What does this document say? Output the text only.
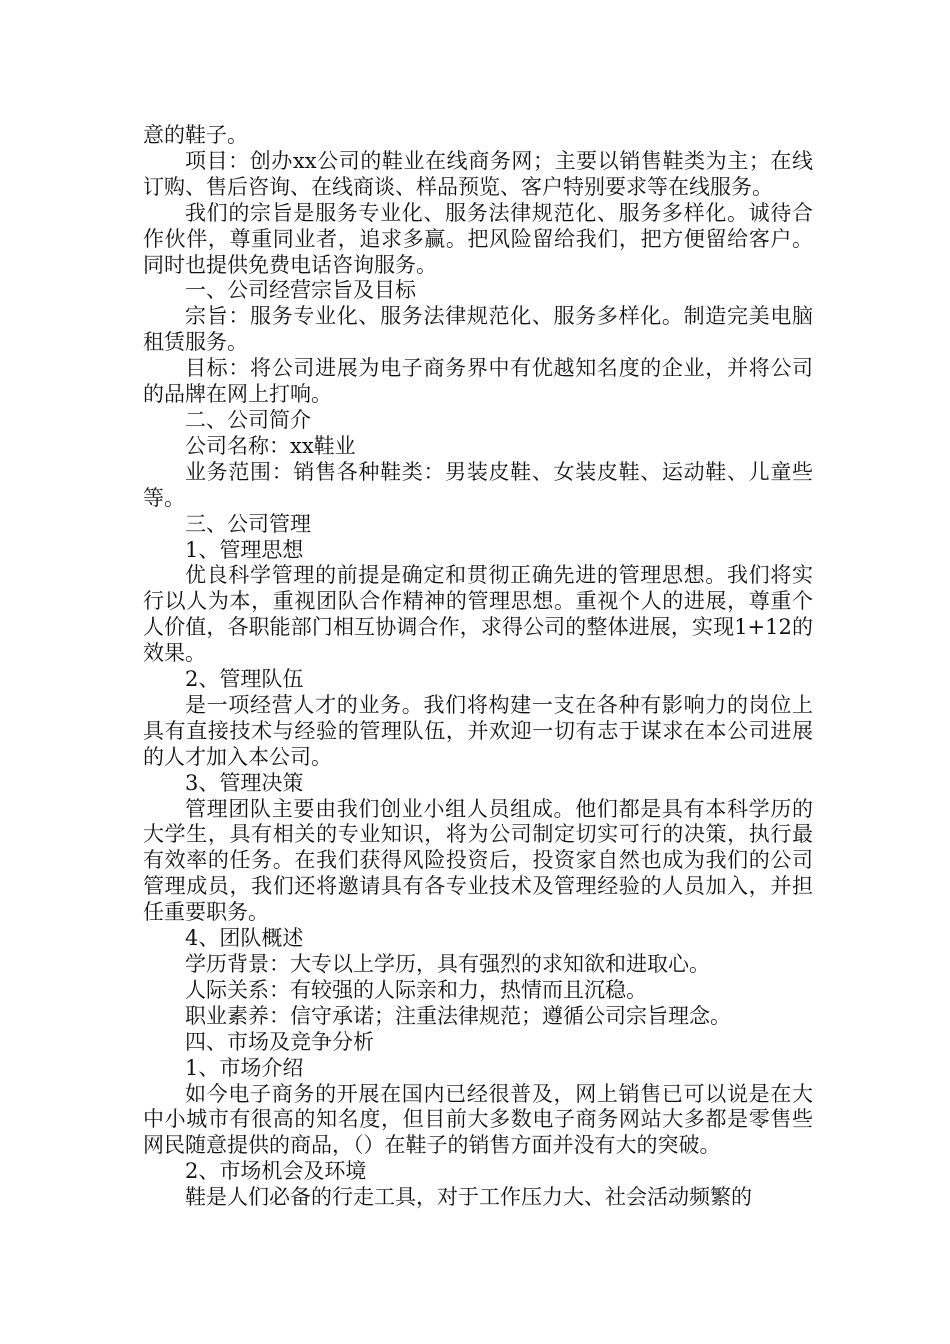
意的鞋子。

项目：创办xx公司的鞋业在线商务网；主要以销售鞋类为主；在线订购、售后咨询、在线商谈、样品预览、客户特别要求等在线服务。

我们的宗旨是服务专业化、服务法律规范化、服务多样化。诚待合作伙伴，尊重同业者，追求多赢。把风险留给我们，把方便留给客户。同时也提供免费电话咨询服务。

一、公司经营宗旨及目标

宗旨：服务专业化、服务法律规范化、服务多样化。制造完美电脑租赁服务。

目标：将公司进展为电子商务界中有优越知名度的企业，并将公司的品牌在网上打响。

二、公司简介

公司名称：xx鞋业

业务范围：销售各种鞋类：男装皮鞋、女装皮鞋、运动鞋、儿童些等。

三、公司管理

1、管理思想

优良科学管理的前提是确定和贯彻正确先进的管理思想。我们将实行以人为本，重视团队合作精神的管理思想。重视个人的进展，尊重个人价值，各职能部门相互协调合作，求得公司的整体进展，实现1+12的效果。

2、管理队伍

是一项经营人才的业务。我们将构建一支在各种有影响力的岗位上具有直接技术与经验的管理队伍，并欢迎一切有志于谋求在本公司进展的人才加入本公司。

3、管理决策

管理团队主要由我们创业小组人员组成。他们都是具有本科学历的大学生，具有相关的专业知识，将为公司制定切实可行的决策，执行最有效率的任务。在我们获得风险投资后，投资家自然也成为我们的公司管理成员，我们还将邀请具有各专业技术及管理经验的人员加入，并担任重要职务。

4、团队概述

学历背景：大专以上学历，具有强烈的求知欲和进取心。

人际关系：有较强的人际亲和力，热情而且沉稳。

职业素养：信守承诺；注重法律规范；遵循公司宗旨理念。

四、市场及竞争分析

1、市场介绍

如今电子商务的开展在国内已经很普及，网上销售已可以说是在大中小城市有很高的知名度，但目前大多数电子商务网站大多都是零售些网民随意提供的商品，（）在鞋子的销售方面并没有大的突破。

2、市场机会及环境

鞋是人们必备的行走工具，对于工作压力大、社会活动频繁的
